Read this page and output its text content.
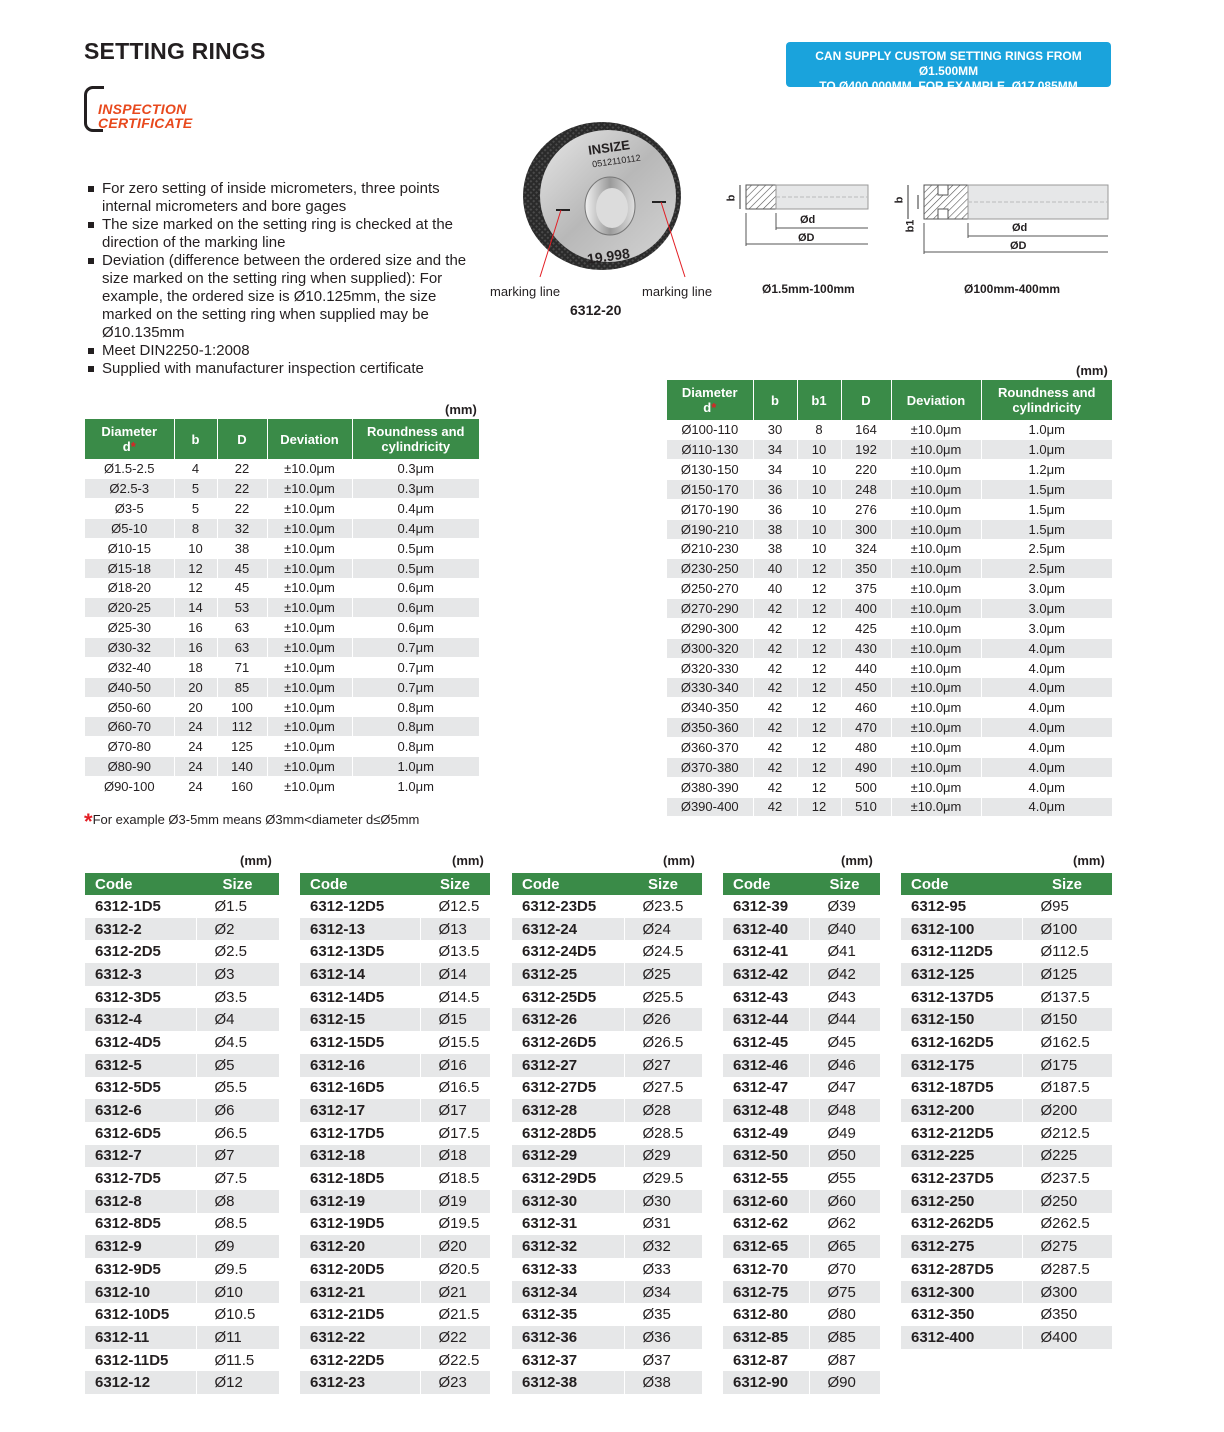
SETTING RINGS	CAN SUPPLY CUSTOM SETTING RINGS FROM Ø1.500MM
TO Ø400.000MM, FOR EXAMPLE, Ø17.085MM
INSPECTION
CERTIFICATE
For zero setting of inside micrometers, three points internal micrometers and bore gages
The size marked on the setting ring is checked at the direction of the marking line
Deviation (difference between the ordered size and the size marked on the setting ring when supplied): For example, the ordered size is Ø10.125mm, the size marked on the setting ring when supplied may be Ø10.135mm
Meet DIN2250-1:2008
Supplied with manufacturer inspection certificate
INSIZE
0512110112
19.998
marking line	marking line
6312-20
b
Ød
ØD
Ø1.5mm-100mm
b
b1	Ød
ØD
Ø100mm-400mm
(mm)
Diameter
d*	b	D	Deviation	Roundness and cylindricity
Ø1.5-2.5	4	22	±10.0μm	0.3μm
Ø2.5-3	5	22	±10.0μm	0.3μm
Ø3-5	5	22	±10.0μm	0.4μm
Ø5-10	8	32	±10.0μm	0.4μm
Ø10-15	10	38	±10.0μm	0.5μm
Ø15-18	12	45	±10.0μm	0.5μm
Ø18-20	12	45	±10.0μm	0.6μm
Ø20-25	14	53	±10.0μm	0.6μm
Ø25-30	16	63	±10.0μm	0.6μm
Ø30-32	16	63	±10.0μm	0.7μm
Ø32-40	18	71	±10.0μm	0.7μm
Ø40-50	20	85	±10.0μm	0.7μm
Ø50-60	20	100	±10.0μm	0.8μm
Ø60-70	24	112	±10.0μm	0.8μm
Ø70-80	24	125	±10.0μm	0.8μm
Ø80-90	24	140	±10.0μm	1.0μm
Ø90-100	24	160	±10.0μm	1.0μm
*For example Ø3-5mm means Ø3mm<diameter d≤Ø5mm
(mm)
Diameter
d*	b	b1	D	Deviation	Roundness and cylindricity
Ø100-110	30	8	164	±10.0μm	1.0μm
Ø110-130	34	10	192	±10.0μm	1.0μm
Ø130-150	34	10	220	±10.0μm	1.2μm
Ø150-170	36	10	248	±10.0μm	1.5μm
Ø170-190	36	10	276	±10.0μm	1.5μm
Ø190-210	38	10	300	±10.0μm	1.5μm
Ø210-230	38	10	324	±10.0μm	2.5μm
Ø230-250	40	12	350	±10.0μm	2.5μm
Ø250-270	40	12	375	±10.0μm	3.0μm
Ø270-290	42	12	400	±10.0μm	3.0μm
Ø290-300	42	12	425	±10.0μm	3.0μm
Ø300-320	42	12	430	±10.0μm	4.0μm
Ø320-330	42	12	440	±10.0μm	4.0μm
Ø330-340	42	12	450	±10.0μm	4.0μm
Ø340-350	42	12	460	±10.0μm	4.0μm
Ø350-360	42	12	470	±10.0μm	4.0μm
Ø360-370	42	12	480	±10.0μm	4.0μm
Ø370-380	42	12	490	±10.0μm	4.0μm
Ø380-390	42	12	500	±10.0μm	4.0μm
Ø390-400	42	12	510	±10.0μm	4.0μm
(mm)	(mm)	(mm)	(mm)	(mm)
Code	Size
6312-1D5	Ø1.5
6312-2	Ø2
6312-2D5	Ø2.5
6312-3	Ø3
6312-3D5	Ø3.5
6312-4	Ø4
6312-4D5	Ø4.5
6312-5	Ø5
6312-5D5	Ø5.5
6312-6	Ø6
6312-6D5	Ø6.5
6312-7	Ø7
6312-7D5	Ø7.5
6312-8	Ø8
6312-8D5	Ø8.5
6312-9	Ø9
6312-9D5	Ø9.5
6312-10	Ø10
6312-10D5	Ø10.5
6312-11	Ø11
6312-11D5	Ø11.5
6312-12	Ø12
Code	Size
6312-12D5	Ø12.5
6312-13	Ø13
6312-13D5	Ø13.5
6312-14	Ø14
6312-14D5	Ø14.5
6312-15	Ø15
6312-15D5	Ø15.5
6312-16	Ø16
6312-16D5	Ø16.5
6312-17	Ø17
6312-17D5	Ø17.5
6312-18	Ø18
6312-18D5	Ø18.5
6312-19	Ø19
6312-19D5	Ø19.5
6312-20	Ø20
6312-20D5	Ø20.5
6312-21	Ø21
6312-21D5	Ø21.5
6312-22	Ø22
6312-22D5	Ø22.5
6312-23	Ø23
Code	Size
6312-23D5	Ø23.5
6312-24	Ø24
6312-24D5	Ø24.5
6312-25	Ø25
6312-25D5	Ø25.5
6312-26	Ø26
6312-26D5	Ø26.5
6312-27	Ø27
6312-27D5	Ø27.5
6312-28	Ø28
6312-28D5	Ø28.5
6312-29	Ø29
6312-29D5	Ø29.5
6312-30	Ø30
6312-31	Ø31
6312-32	Ø32
6312-33	Ø33
6312-34	Ø34
6312-35	Ø35
6312-36	Ø36
6312-37	Ø37
6312-38	Ø38
Code	Size
6312-39	Ø39
6312-40	Ø40
6312-41	Ø41
6312-42	Ø42
6312-43	Ø43
6312-44	Ø44
6312-45	Ø45
6312-46	Ø46
6312-47	Ø47
6312-48	Ø48
6312-49	Ø49
6312-50	Ø50
6312-55	Ø55
6312-60	Ø60
6312-62	Ø62
6312-65	Ø65
6312-70	Ø70
6312-75	Ø75
6312-80	Ø80
6312-85	Ø85
6312-87	Ø87
6312-90	Ø90
Code	Size
6312-95	Ø95
6312-100	Ø100
6312-112D5	Ø112.5
6312-125	Ø125
6312-137D5	Ø137.5
6312-150	Ø150
6312-162D5	Ø162.5
6312-175	Ø175
6312-187D5	Ø187.5
6312-200	Ø200
6312-212D5	Ø212.5
6312-225	Ø225
6312-237D5	Ø237.5
6312-250	Ø250
6312-262D5	Ø262.5
6312-275	Ø275
6312-287D5	Ø287.5
6312-300	Ø300
6312-350	Ø350
6312-400	Ø400
